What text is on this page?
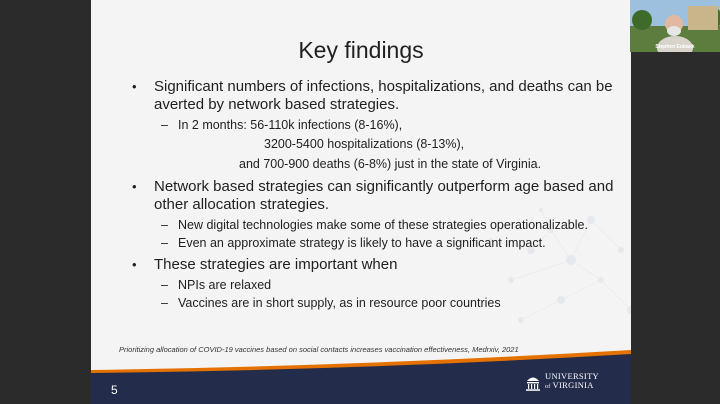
Key findings
• Significant numbers of infections, hospitalizations, and deaths can be averted by network based strategies.
– In 2 months: 56-110k infections (8-16%),
3200-5400 hospitalizations (8-13%),
and 700-900 deaths (6-8%) just in the state of Virginia.
• Network based strategies can significantly outperform age based and other allocation strategies.
– New digital technologies make some of these strategies operationalizable.
– Even an approximate strategy is likely to have a significant impact.
• These strategies are important when
– NPIs are relaxed
– Vaccines are in short supply, as in resource poor countries
Prioritizing allocation of COVID-19 vaccines based on social contacts increases vaccination effectiveness, Medrxiv, 2021
5
UNIVERSITY
of VIRGINIA
Stephen Eubank
